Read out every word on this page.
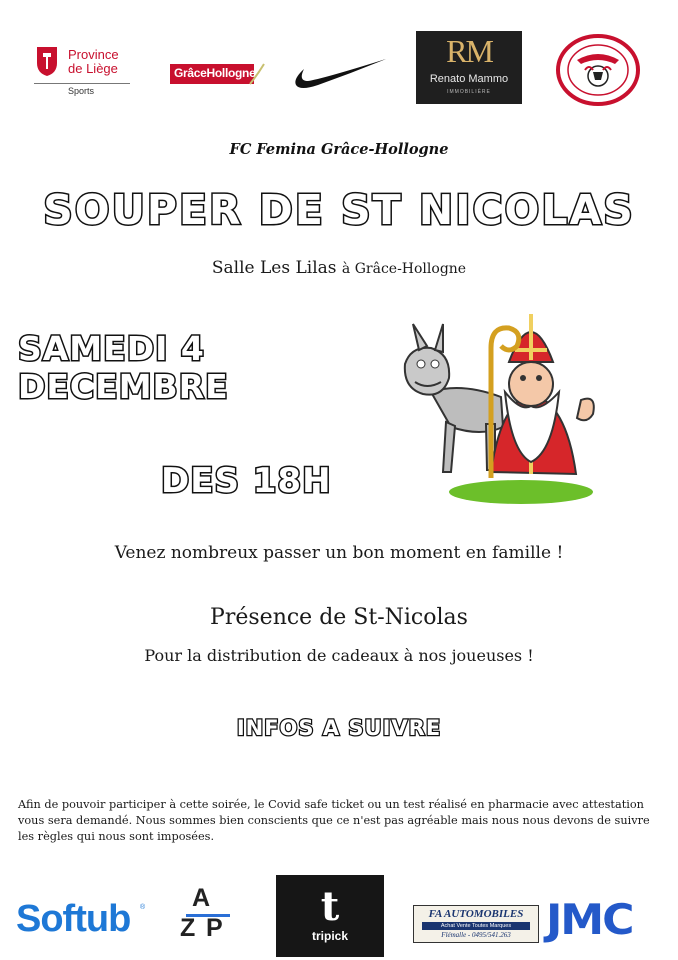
Province
de Liège
Sports
GrâceHollogne
RM
Renato Mammo
IMMOBILIÈRE
FC Femina Grâce-Hollogne
SOUPER DE ST NICOLAS
Salle Les Lilas à Grâce-Hollogne
SAMEDI 4
DECEMBRE
DES 18H
Venez nombreux passer un bon moment en famille !
Présence de St-Nicolas
Pour la distribution de cadeaux à nos joueuses !
INFOS A SUIVRE
Afin de pouvoir participer à cette soirée, le Covid safe ticket ou un test réalisé en pharmacie avec attestation vous sera demandé. Nous sommes bien conscients que ce n'est pas agréable mais nous nous devons de suivre les règles qui nous sont imposées.
Softub ® A
Z P	t
tripick
FA AUTOMOBILES
Achat Vente Toutes Marques
Flémalle - 0495/541.263 JMC
